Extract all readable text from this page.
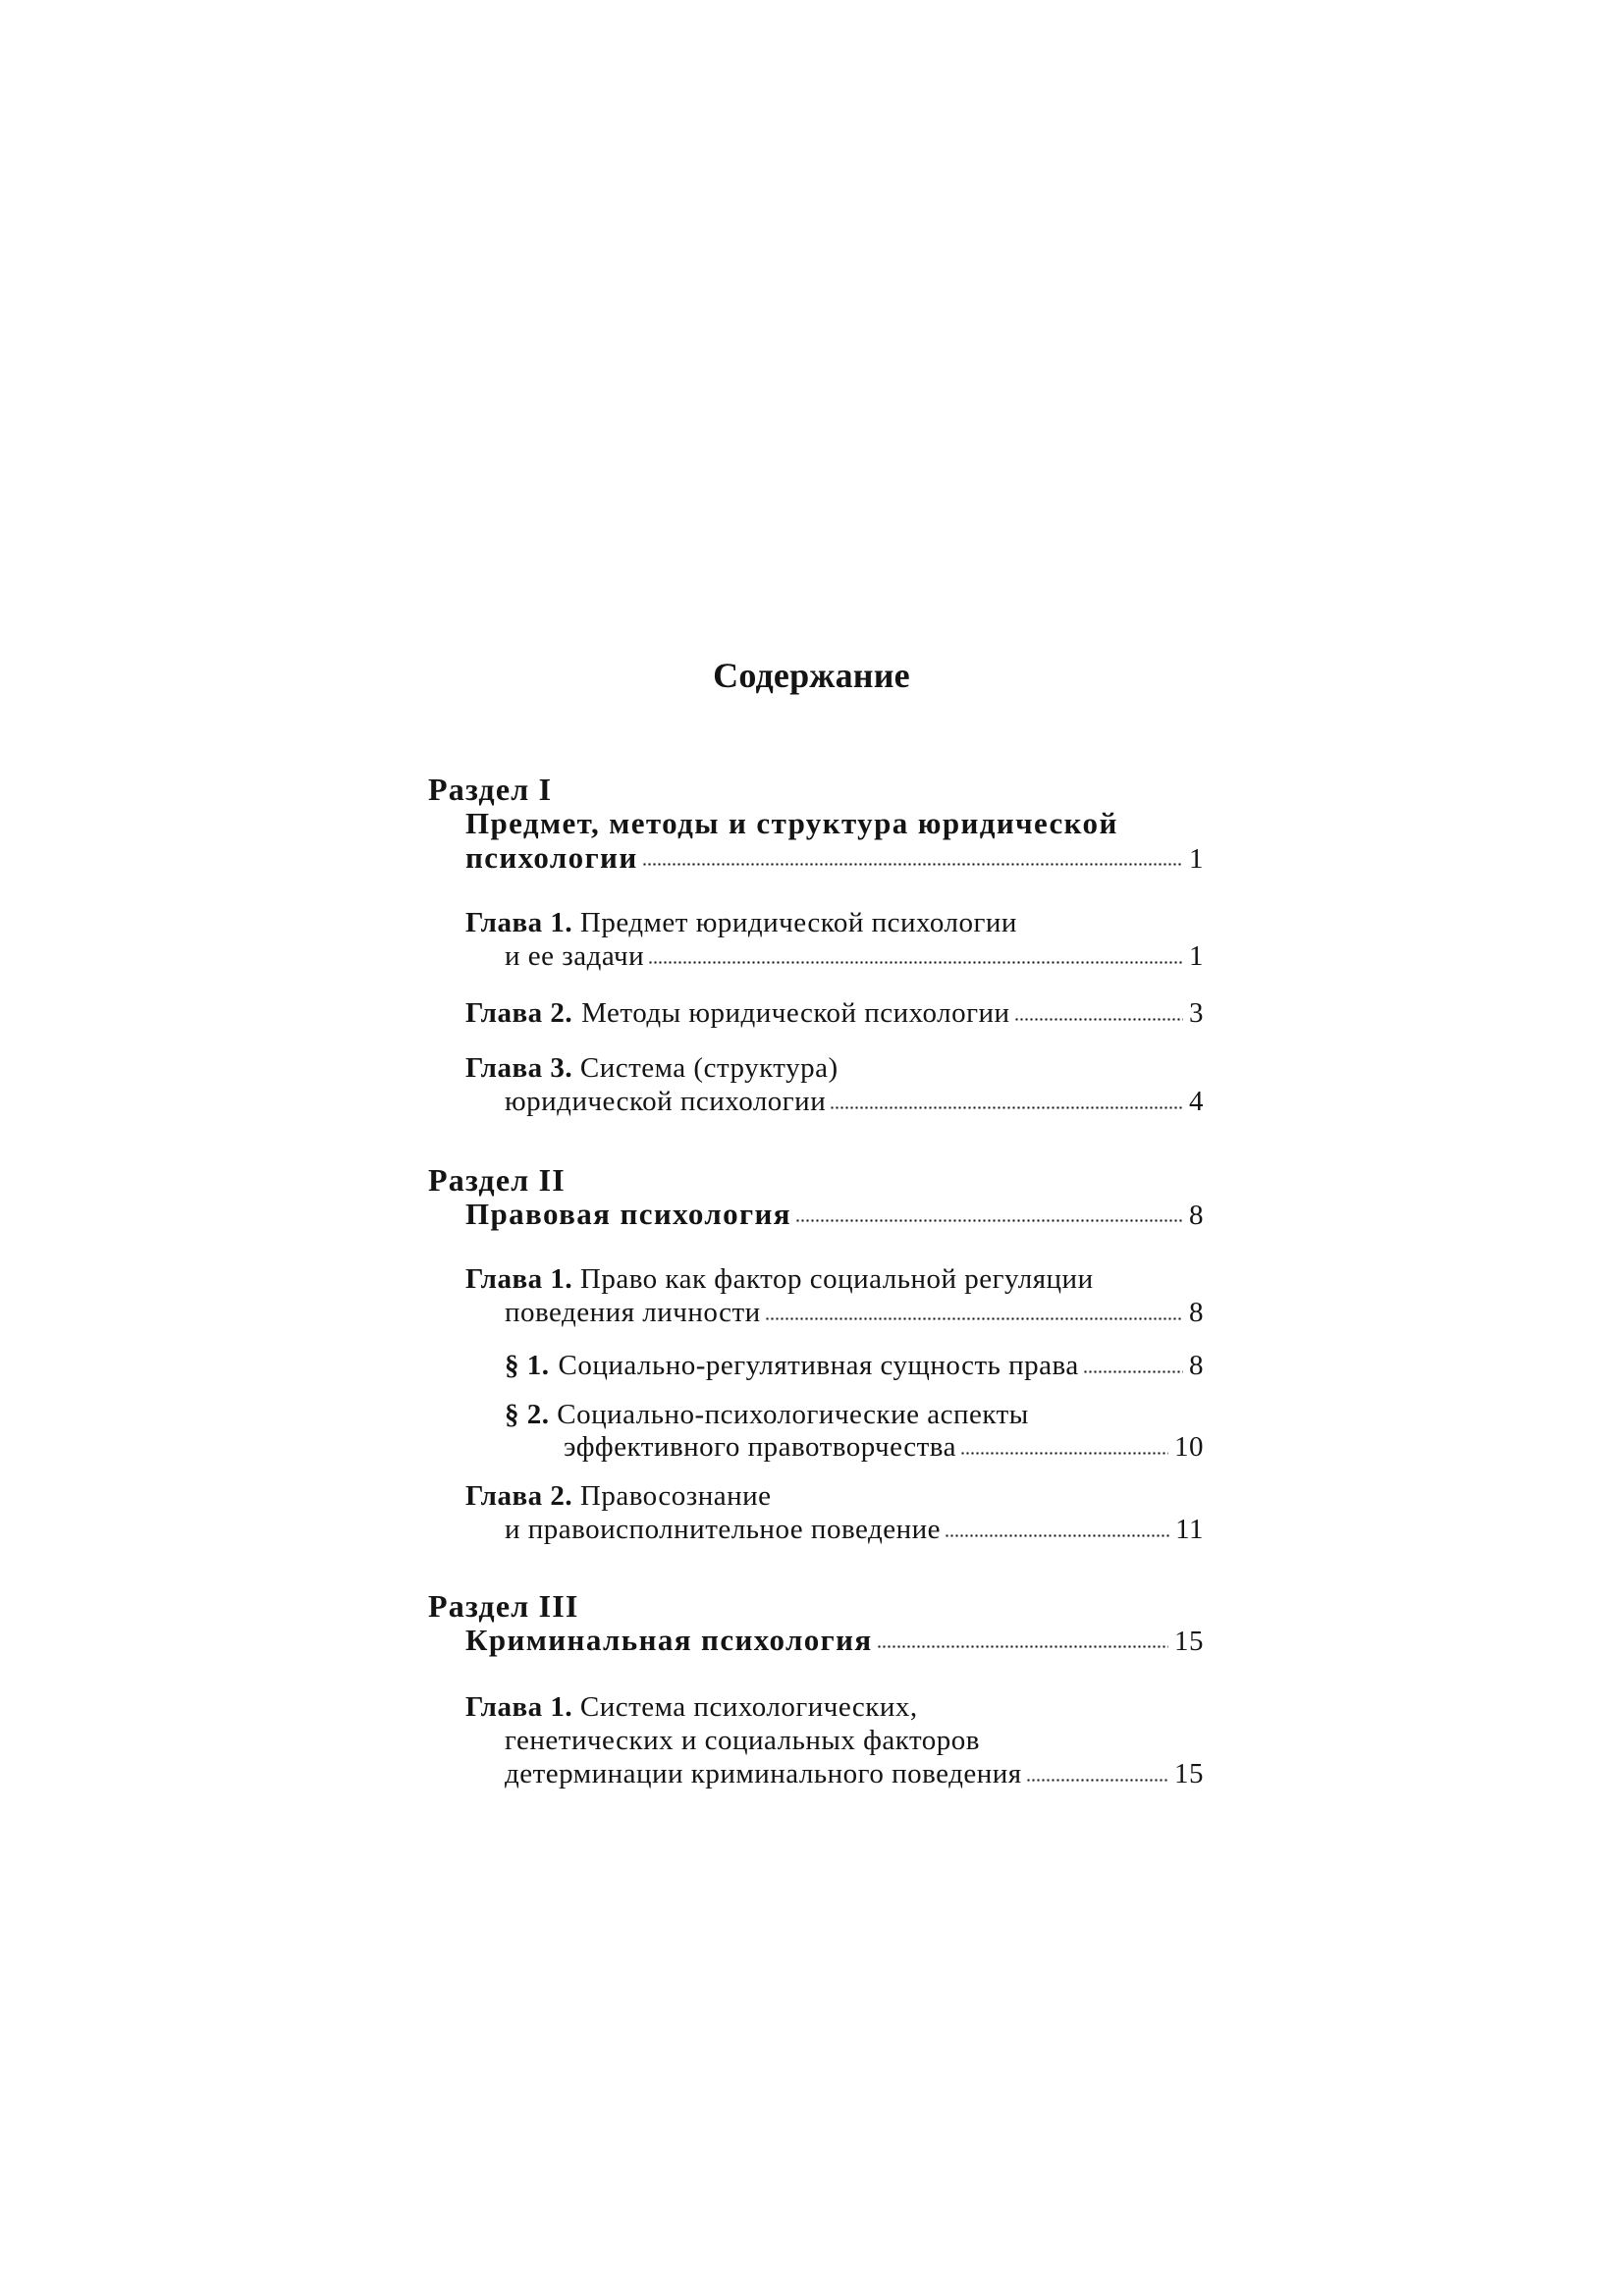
Содержание
Раздел I
Предмет, методы и структура юридической
психологии	1
Глава 1. Предмет юридической психологии
и ее задачи	1
Глава 2. Методы юридической психологии	3
Глава 3. Система (структура)
юридической психологии	4
Раздел II
Правовая психология	8
Глава 1. Право как фактор социальной регуляции
поведения личности	8
§ 1. Социально-регулятивная сущность права	8
§ 2. Социально-психологические аспекты
эффективного правотворчества	10
Глава 2. Правосознание
и правоисполнительное поведение	11
Раздел III
Криминальная психология	15
Глава 1. Система психологических,
генетических и социальных факторов
детерминации криминального поведения	15
